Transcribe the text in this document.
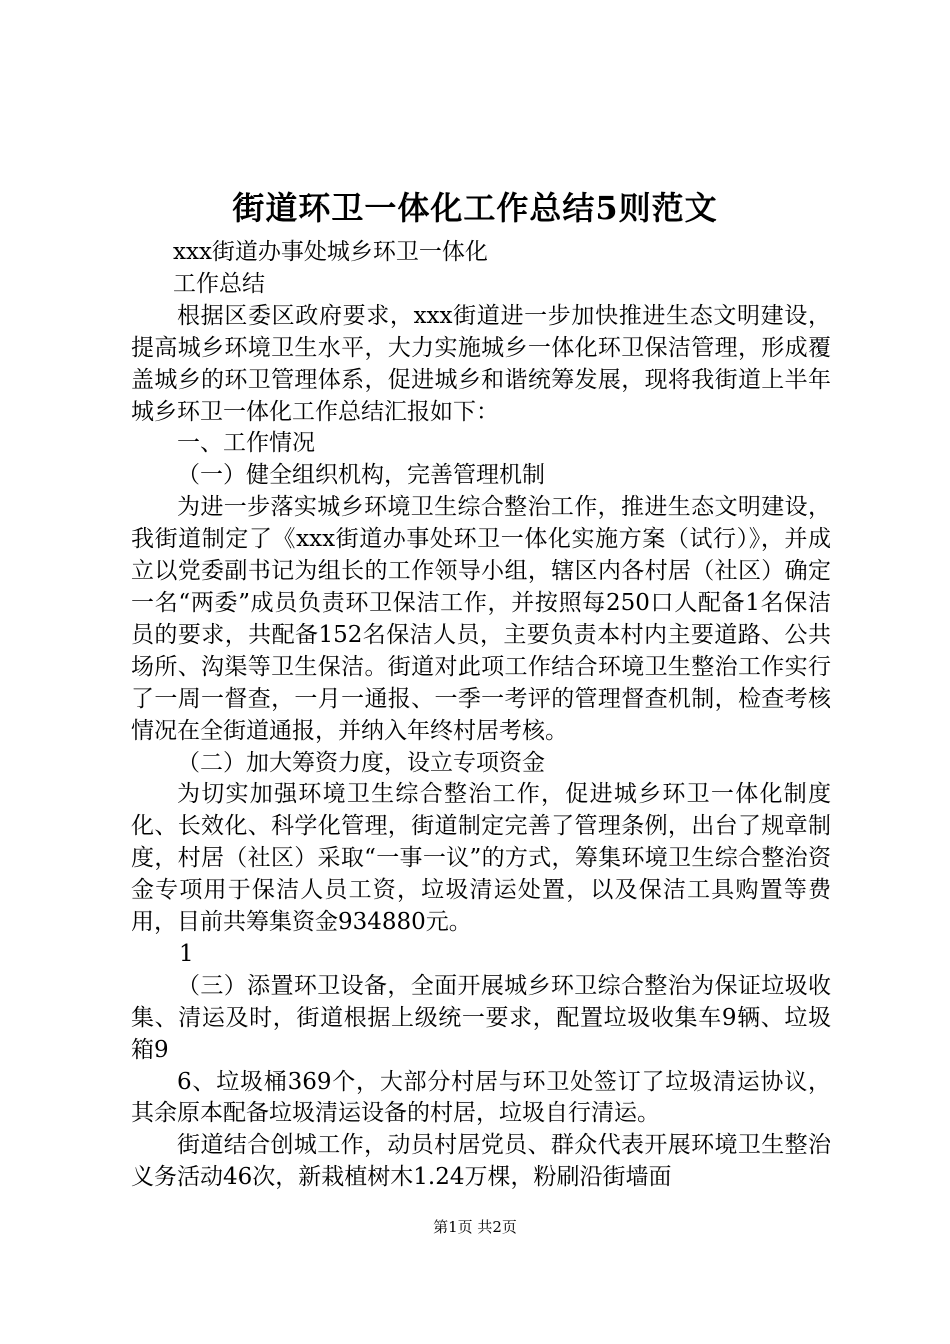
街道环卫一体化工作总结5则范文

xxx街道办事处城乡环卫一体化

工作总结

根据区委区政府要求，xxx街道进一步加快推进生态文明建设，提高城乡环境卫生水平，大力实施城乡一体化环卫保洁管理，形成覆盖城乡的环卫管理体系，促进城乡和谐统筹发展，现将我街道上半年城乡环卫一体化工作总结汇报如下：

一、工作情况

（一）健全组织机构，完善管理机制

为进一步落实城乡环境卫生综合整治工作，推进生态文明建设，我街道制定了《xxx街道办事处环卫一体化实施方案（试行）》，并成立以党委副书记为组长的工作领导小组，辖区内各村居（社区）确定一名“两委”成员负责环卫保洁工作，并按照每250口人配备1名保洁员的要求，共配备152名保洁人员，主要负责本村内主要道路、公共场所、沟渠等卫生保洁。街道对此项工作结合环境卫生整治工作实行了一周一督查，一月一通报、一季一考评的管理督查机制，检查考核情况在全街道通报，并纳入年终村居考核。

（二）加大筹资力度，设立专项资金

为切实加强环境卫生综合整治工作，促进城乡环卫一体化制度化、长效化、科学化管理，街道制定完善了管理条例，出台了规章制度，村居（社区）采取“一事一议”的方式，筹集环境卫生综合整治资金专项用于保洁人员工资，垃圾清运处置，以及保洁工具购置等费用，目前共筹集资金934880元。

1

（三）添置环卫设备，全面开展城乡环卫综合整治为保证垃圾收集、清运及时，街道根据上级统一要求，配置垃圾收集车9辆、垃圾箱9

6、垃圾桶369个，大部分村居与环卫处签订了垃圾清运协议，其余原本配备垃圾清运设备的村居，垃圾自行清运。

街道结合创城工作，动员村居党员、群众代表开展环境卫生整治义务活动46次，新栽植树木1.24万棵，粉刷沿街墙面

第1页 共2页
